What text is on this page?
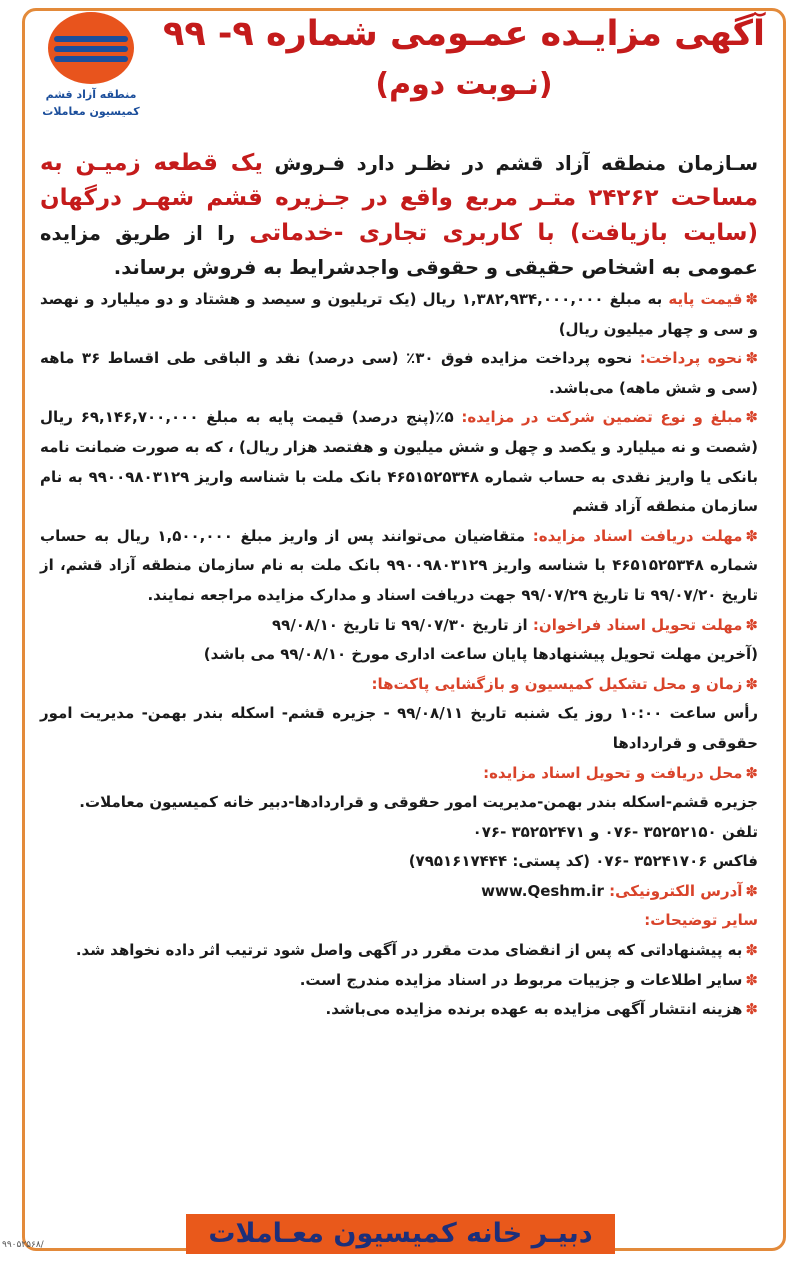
منطقه آزاد قشم
کمیسیون معاملات
آگهی مزایـده عمـومی شماره ۹- ۹۹
(نـوبت دوم)

سـازمان منطقه آزاد قشم در نظـر دارد فـروش یک قطعه زمیـن به مساحت ۲۴۲۶۲ متـر مربع واقع در جـزیره قشم شهـر درگهان (سایت بازیافت) با کاربری تجاری -خدماتی را از طریق مزایده عمومی به اشخاص حقیقی و حقوقی واجدشرایط به فروش برساند.

✽قیمت پایه به مبلغ ۱,۳۸۲,۹۳۴,۰۰۰,۰۰۰ ریال (یک تریلیون و سیصد و هشتاد و دو میلیارد و نهصد و سی و چهار میلیون ریال)

✽نحوه پرداخت: نحوه پرداخت مزایده فوق ۳۰٪ (سی درصد) نقد و الباقی طی اقساط ۳۶ ماهه (سی و شش ماهه) می‌باشد.

✽مبلغ و نوع تضمین شرکت در مزایده: ۵٪(پنج درصد) قیمت پایه به مبلغ ۶۹,۱۴۶,۷۰۰,۰۰۰ ریال (شصت و نه میلیارد و یکصد و چهل و شش میلیون و هفتصد هزار ریال) ، که به صورت ضمانت نامه بانکی یا واریز نقدی به حساب شماره ۴۶۵۱۵۲۵۳۴۸ بانک ملت با شناسه واریز ۹۹۰۰۹۸۰۳۱۲۹ به نام سازمان منطقه آزاد قشم

✽مهلت دریافت اسناد مزایده: متقاضیان می‌توانند پس از واریز مبلغ ۱,۵۰۰,۰۰۰ ریال به حساب شماره ۴۶۵۱۵۲۵۳۴۸ با شناسه واریز ۹۹۰۰۹۸۰۳۱۲۹ بانک ملت به نام سازمان منطقه آزاد قشم، از تاریخ ۹۹/۰۷/۲۰ تا تاریخ ۹۹/۰۷/۲۹ جهت دریافت اسناد و مدارک مزایده مراجعه نمایند.

✽مهلت تحویل اسناد فراخوان: از تاریخ ۹۹/۰۷/۳۰ تا تاریخ ۹۹/۰۸/۱۰

(آخرین مهلت تحویل پیشنهادها پایان ساعت اداری مورخ ۹۹/۰۸/۱۰ می باشد)

✽زمان و محل تشکیل کمیسیون و بازگشایی پاکت‌ها:

رأس ساعت ۱۰:۰۰ روز یک شنبه تاریخ ۹۹/۰۸/۱۱ - جزیره قشم- اسکله بندر بهمن- مدیریت امور حقوقی و قراردادها

✽محل دریافت و تحویل اسناد مزایده:

جزیره قشم-اسکله بندر بهمن-مدیریت امور حقوقی و قراردادها-دبیر خانه کمیسیون معاملات.

تلفن ۳۵۲۵۲۱۵۰ -۰۷۶ و ۳۵۲۵۲۴۷۱ -۰۷۶

فاکس ۳۵۲۴۱۷۰۶ -۰۷۶ (کد پستی: ۷۹۵۱۶۱۷۴۴۴)

✽آدرس الکترونیکی: www.Qeshm.ir

سایر توضیحات:

✽به پیشنهاداتی که پس از انقضای مدت مقرر در آگهی واصل شود ترتیب اثر داده نخواهد شد.

✽سایر اطلاعات و جزییات مربوط در اسناد مزایده مندرج است.

✽هزینه انتشار آگهی مزایده به عهده برنده مزایده می‌باشد.

دبیـر خانه کمیسیون معـاملات
/۹۹۰۵۲۵۶۸
